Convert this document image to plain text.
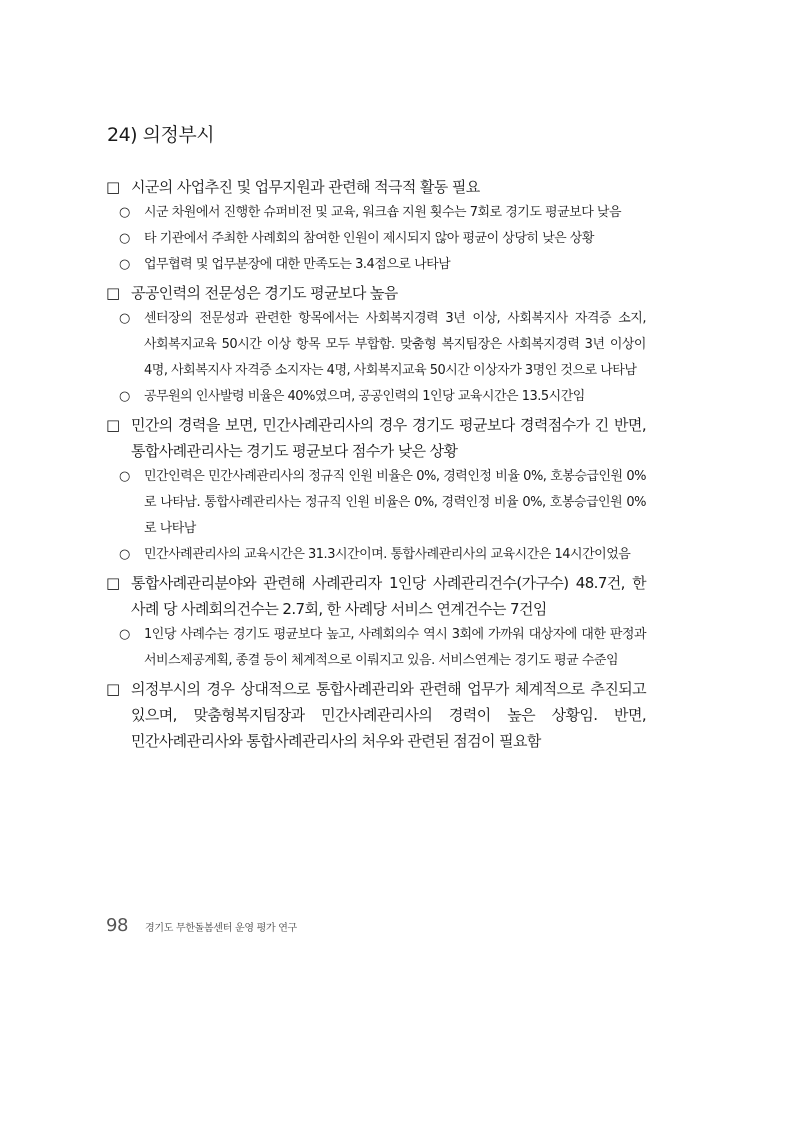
24) 의정부시
□ 시군의 사업추진 및 업무지원과 관련해 적극적 활동 필요
○ 시군 차원에서 진행한 슈퍼비전 및 교육, 워크숍 지원 횟수는 7회로 경기도 평균보다 낮음
○ 타 기관에서 주최한 사례회의 참여한 인원이 제시되지 않아 평균이 상당히 낮은 상황
○ 업무협력 및 업무분장에 대한 만족도는 3.4점으로 나타남
□ 공공인력의 전문성은 경기도 평균보다 높음
○ 센터장의 전문성과 관련한 항목에서는 사회복지경력 3년 이상, 사회복지사 자격증 소지, 사회복지교육 50시간 이상 항목 모두 부합함. 맞춤형 복지팀장은 사회복지경력 3년 이상이 4명, 사회복지사 자격증 소지자는 4명, 사회복지교육 50시간 이상자가 3명인 것으로 나타남
○ 공무원의 인사발령 비율은 40%였으며, 공공인력의 1인당 교육시간은 13.5시간임
□ 민간의 경력을 보면, 민간사례관리사의 경우 경기도 평균보다 경력점수가 긴 반면, 통합사례관리사는 경기도 평균보다 점수가 낮은 상황
○ 민간인력은 민간사례관리사의 정규직 인원 비율은 0%, 경력인정 비율 0%, 호봉승급인원 0%로 나타남. 통합사례관리사는 정규직 인원 비율은 0%, 경력인정 비율 0%, 호봉승급인원 0%로 나타남
○ 민간사례관리사의 교육시간은 31.3시간이며. 통합사례관리사의 교육시간은 14시간이었음
□ 통합사례관리분야와 관련해 사례관리자 1인당 사례관리건수(가구수) 48.7건, 한 사례 당 사례회의건수는 2.7회, 한 사례당 서비스 연계건수는 7건임
○ 1인당 사례수는 경기도 평균보다 높고, 사례회의수 역시 3회에 가까워 대상자에 대한 판정과 서비스제공계획, 종결 등이 체계적으로 이뤄지고 있음. 서비스연계는 경기도 평균 수준임
□ 의정부시의 경우 상대적으로 통합사례관리와 관련해 업무가 체계적으로 추진되고 있으며, 맞춤형복지팀장과 민간사례관리사의 경력이 높은 상황임. 반면, 민간사례관리사와 통합사례관리사의 처우와 관련된 점검이 필요함
98 경기도 무한돌봄센터 운영 평가 연구
